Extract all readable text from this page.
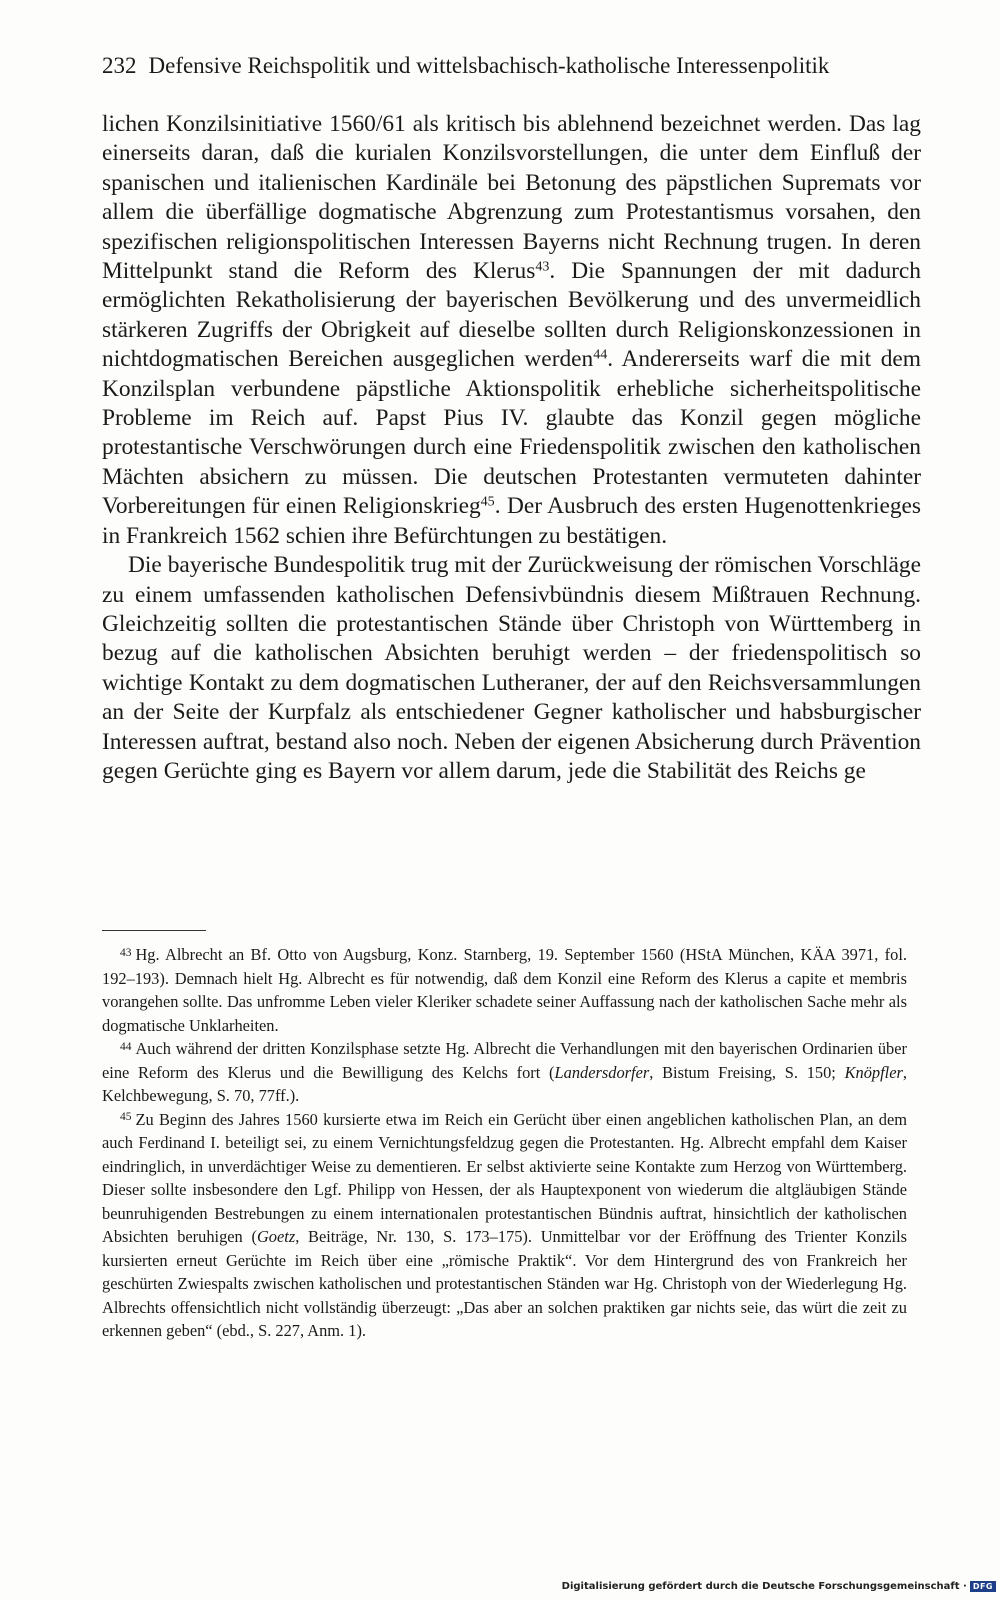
232 Defensive Reichspolitik und wittelsbachisch-katholische Interessenpolitik

lichen Konzilsinitiative 1560/61 als kritisch bis ablehnend bezeichnet werden. Das lag einerseits daran, daß die kurialen Konzilsvorstellungen, die unter dem Einfluß der spanischen und italienischen Kardinäle bei Betonung des päpstlichen Supremats vor allem die überfällige dogmatische Abgrenzung zum Protestantismus vorsahen, den spezifischen religionspolitischen Interessen Bayerns nicht Rechnung trugen. In deren Mittelpunkt stand die Reform des Klerus$^{43}$. Die Spannungen der mit dadurch ermöglichten Rekatholisierung der bayerischen Bevölkerung und des unvermeidlich stärkeren Zugriffs der Obrigkeit auf dieselbe sollten durch Religionskonzessionen in nichtdogmatischen Bereichen ausgeglichen werden$^{44}$. Andererseits warf die mit dem Konzilsplan verbundene päpstliche Aktionspolitik erhebliche sicherheitspolitische Probleme im Reich auf. Papst Pius IV. glaubte das Konzil gegen mögliche protestantische Verschwörungen durch eine Friedenspolitik zwischen den katholischen Mächten absichern zu müssen. Die deutschen Protestanten vermuteten dahinter Vorbereitungen für einen Religionskrieg$^{45}$. Der Ausbruch des ersten Hugenottenkrieges in Frankreich 1562 schien ihre Befürchtungen zu bestätigen.

Die bayerische Bundespolitik trug mit der Zurückweisung der römischen Vorschläge zu einem umfassenden katholischen Defensivbündnis diesem Mißtrauen Rechnung. Gleichzeitig sollten die protestantischen Stände über Christoph von Württemberg in bezug auf die katholischen Absichten beruhigt werden – der friedenspolitisch so wichtige Kontakt zu dem dogmatischen Lutheraner, der auf den Reichsversammlungen an der Seite der Kurpfalz als entschiedener Gegner katholischer und habsburgischer Interessen auftrat, bestand also noch. Neben der eigenen Absicherung durch Prävention gegen Gerüchte ging es Bayern vor allem darum, jede die Stabilität des Reichs ge

$^{43}$ Hg. Albrecht an Bf. Otto von Augsburg, Konz. Starnberg, 19. September 1560 (HStA München, KÄA 3971, fol. 192–193). Demnach hielt Hg. Albrecht es für notwendig, daß dem Konzil eine Reform des Klerus a capite et membris vorangehen sollte. Das unfromme Leben vieler Kleriker schadete seiner Auffassung nach der katholischen Sache mehr als dogmatische Unklarheiten.

$^{44}$ Auch während der dritten Konzilsphase setzte Hg. Albrecht die Verhandlungen mit den bayerischen Ordinarien über eine Reform des Klerus und die Bewilligung des Kelchs fort (Landersdorfer, Bistum Freising, S. 150; Knöpfler, Kelchbewegung, S. 70, 77ff.).

$^{45}$ Zu Beginn des Jahres 1560 kursierte etwa im Reich ein Gerücht über einen angeblichen katholischen Plan, an dem auch Ferdinand I. beteiligt sei, zu einem Vernichtungsfeldzug gegen die Protestanten. Hg. Albrecht empfahl dem Kaiser eindringlich, in unverdächtiger Weise zu dementieren. Er selbst aktivierte seine Kontakte zum Herzog von Württemberg. Dieser sollte insbesondere den Lgf. Philipp von Hessen, der als Hauptexponent von wiederum die altgläubigen Stände beunruhigenden Bestrebungen zu einem internationalen protestantischen Bündnis auftrat, hinsichtlich der katholischen Absichten beruhigen (Goetz, Beiträge, Nr. 130, S. 173–175). Unmittelbar vor der Eröffnung des Trienter Konzils kursierten erneut Gerüchte im Reich über eine „römische Praktik“. Vor dem Hintergrund des von Frankreich her geschürten Zwiespalts zwischen katholischen und protestantischen Ständen war Hg. Christoph von der Wiederlegung Hg. Albrechts offensichtlich nicht vollständig überzeugt: „Das aber an solchen praktiken gar nichts seie, das würt die zeit zu erkennen geben“ (ebd., S. 227, Anm. 1).

Digitalisierung gefördert durch die Deutsche Forschungsgemeinschaft · DFG
